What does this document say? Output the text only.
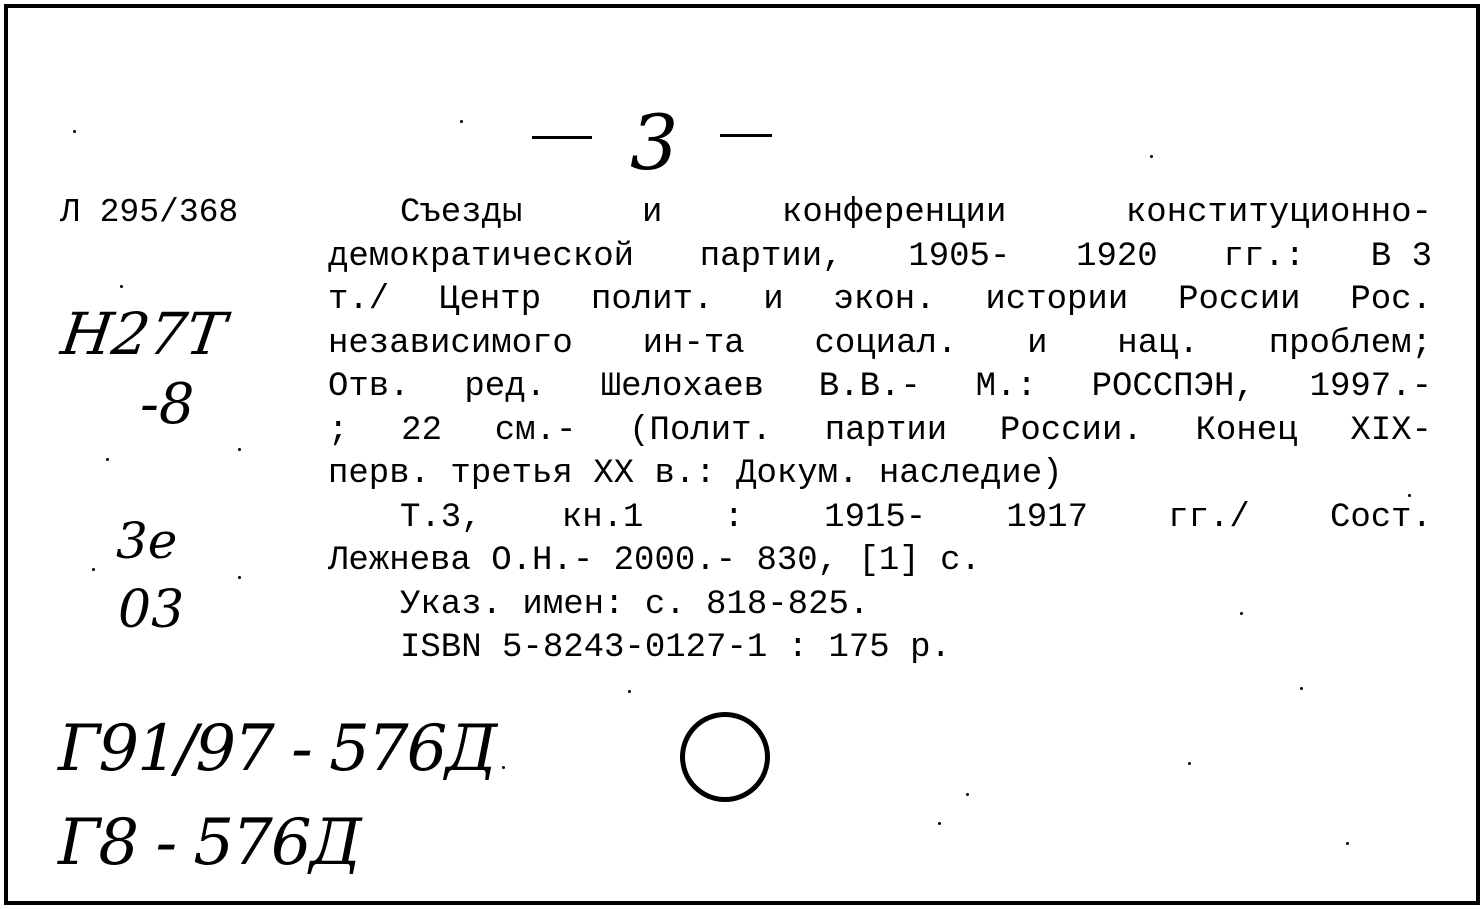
3
Л 295/368	Съезды	и	конференции	конституционно-
демократической партии, 1905- 1920 гг.: В 3
т./ Центр полит. и экон. истории России Рос.
независимого ин-та социал. и нац. проблем;
Отв. ред. Шелохаев В.В.- М.: РОССПЭН, 1997.-
; 22 см.- (Полит. партии России. Конец XIX-
перв. третья XX в.: Докум. наследие)
Т.3, кн.1 : 1915- 1917 гг./ Сост.
Лежнева О.Н.- 2000.- 830, [1] с.
Указ. имен: с. 818-825.
ISBN 5-8243-0127-1 : 175 р.
Н27Т
-8
3е
03
Г91/97 - 576Д
Г8 - 576Д
